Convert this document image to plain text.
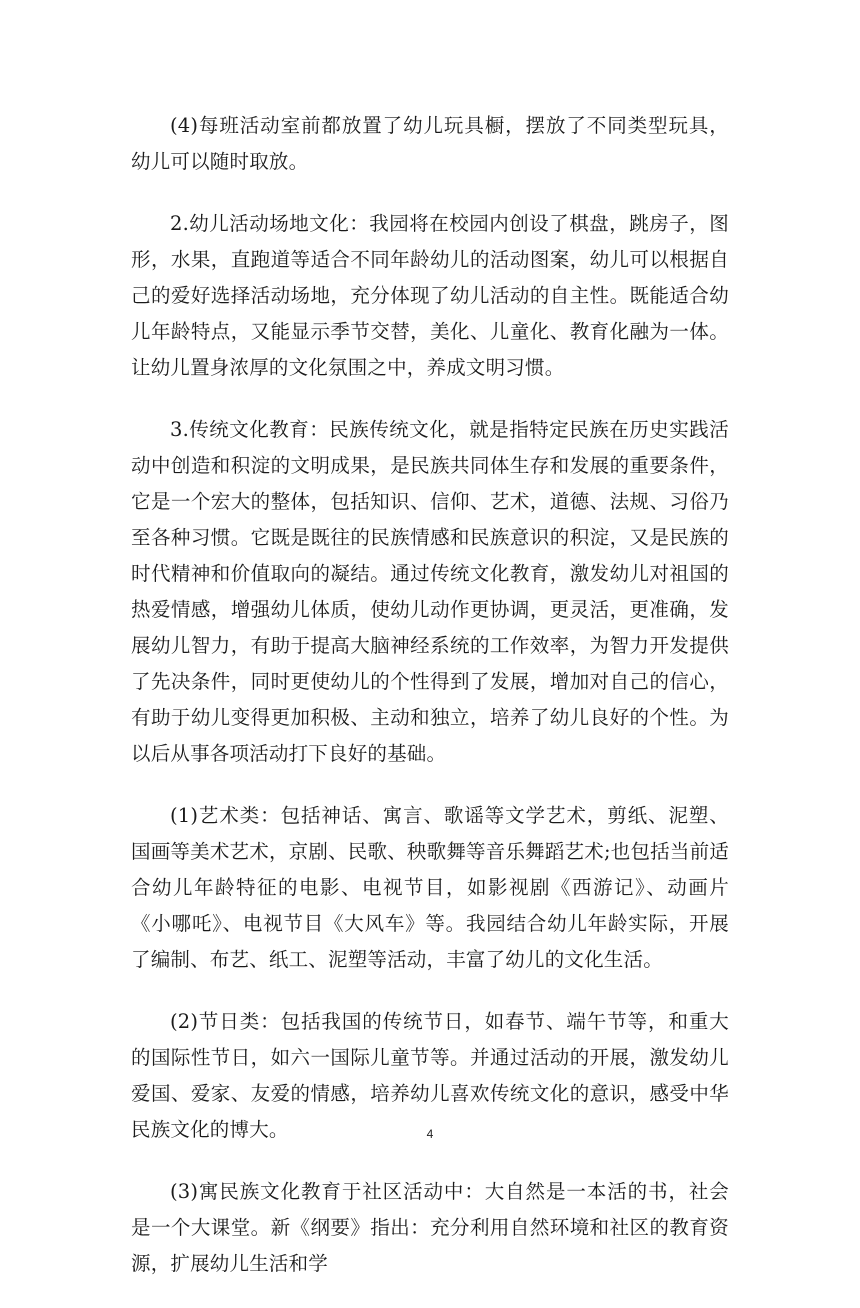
(4)每班活动室前都放置了幼儿玩具橱，摆放了不同类型玩具，幼儿可以随时取放。

2.幼儿活动场地文化：我园将在校园内创设了棋盘，跳房子，图形，水果，直跑道等适合不同年龄幼儿的活动图案，幼儿可以根据自己的爱好选择活动场地，充分体现了幼儿活动的自主性。既能适合幼儿年龄特点，又能显示季节交替，美化、儿童化、教育化融为一体。让幼儿置身浓厚的文化氛围之中，养成文明习惯。

3.传统文化教育：民族传统文化，就是指特定民族在历史实践活动中创造和积淀的文明成果，是民族共同体生存和发展的重要条件，它是一个宏大的整体，包括知识、信仰、艺术，道德、法规、习俗乃至各种习惯。它既是既往的民族情感和民族意识的积淀，又是民族的时代精神和价值取向的凝结。通过传统文化教育，激发幼儿对祖国的热爱情感，增强幼儿体质，使幼儿动作更协调，更灵活，更准确，发展幼儿智力，有助于提高大脑神经系统的工作效率，为智力开发提供了先决条件，同时更使幼儿的个性得到了发展，增加对自己的信心，有助于幼儿变得更加积极、主动和独立，培养了幼儿良好的个性。为以后从事各项活动打下良好的基础。

(1)艺术类：包括神话、寓言、歌谣等文学艺术，剪纸、泥塑、国画等美术艺术，京剧、民歌、秧歌舞等音乐舞蹈艺术;也包括当前适合幼儿年龄特征的电影、电视节目，如影视剧《西游记》、动画片《小哪吒》、电视节目《大风车》等。我园结合幼儿年龄实际，开展了编制、布艺、纸工、泥塑等活动，丰富了幼儿的文化生活。

(2)节日类：包括我国的传统节日，如春节、端午节等，和重大的国际性节日，如六一国际儿童节等。并通过活动的开展，激发幼儿爱国、爱家、友爱的情感，培养幼儿喜欢传统文化的意识，感受中华民族文化的博大。

(3)寓民族文化教育于社区活动中：大自然是一本活的书，社会是一个大课堂。新《纲要》指出：充分利用自然环境和社区的教育资源，扩展幼儿生活和学

4
